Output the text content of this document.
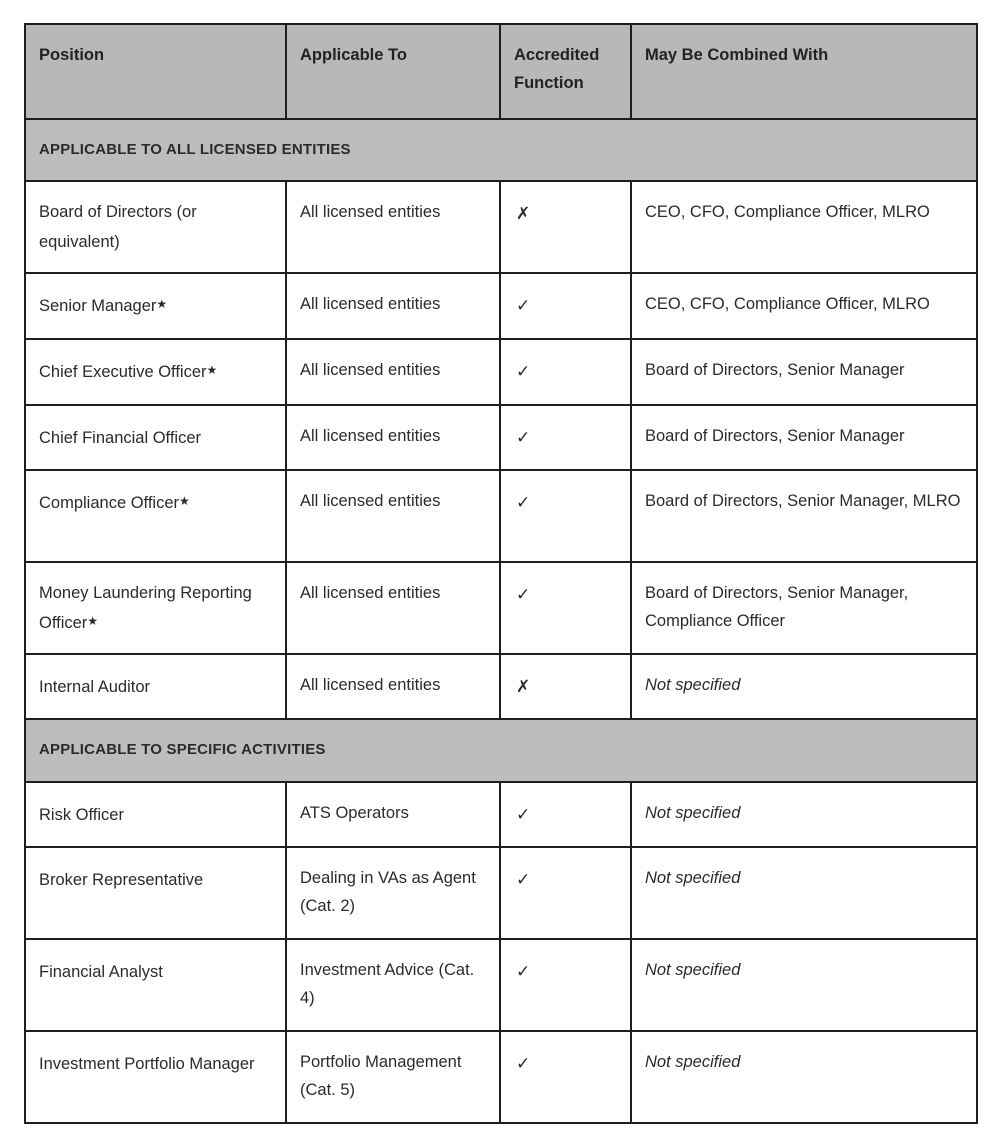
Position	Applicable To	Accredited Function	May Be Combined With
APPLICABLE TO ALL LICENSED ENTITIES			
Board of Directors (or equivalent)	All licensed entities	✗	CEO, CFO, Compliance Officer, MLRO
Senior Manager★	All licensed entities	✓	CEO, CFO, Compliance Officer, MLRO
Chief Executive Officer★	All licensed entities	✓	Board of Directors, Senior Manager
Chief Financial Officer	All licensed entities	✓	Board of Directors, Senior Manager
Compliance Officer★	All licensed entities	✓	Board of Directors, Senior Manager, MLRO
Money Laundering Reporting Officer★	All licensed entities	✓	Board of Directors, Senior Manager, Compliance Officer
Internal Auditor	All licensed entities	✗	Not specified
APPLICABLE TO SPECIFIC ACTIVITIES			
Risk Officer	ATS Operators	✓	Not specified
Broker Representative	Dealing in VAs as Agent (Cat. 2)	✓	Not specified
Financial Analyst	Investment Advice (Cat. 4)	✓	Not specified
Investment Portfolio Manager	Portfolio Management (Cat. 5)	✓	Not specified
